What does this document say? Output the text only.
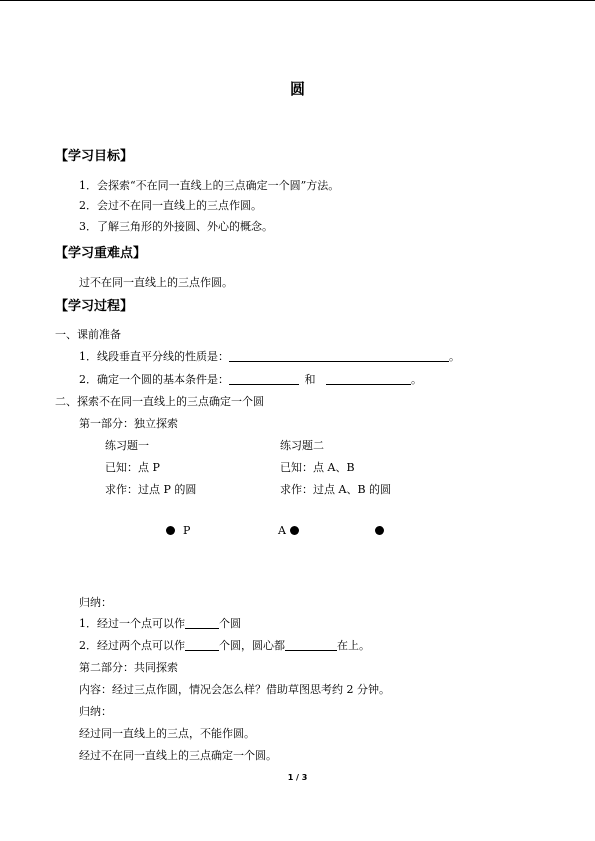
圆
【学习目标】
1．会探索“不在同一直线上的三点确定一个圆”方法。
2．会过不在同一直线上的三点作圆。
3．了解三角形的外接圆、外心的概念。
【学习重难点】
过不在同一直线上的三点作圆。
【学习过程】
一、课前准备
1．线段垂直平分线的性质是：	。
2．确定一个圆的基本条件是：	和	。
二、探索不在同一直线上的三点确定一个圆
第一部分：独立探索
练习题一
已知：点 P
求作：过点 P 的圆
练习题二
已知：点 A、B
求作：过点 A、B 的圆
P	A
归纳：
1．经过一个点可以作	个圆
2．经过两个点可以作	个圆，圆心都	在上。
第二部分：共同探索
内容：经过三点作圆，情况会怎么样？借助草图思考约 2 分钟。
归纳：
经过同一直线上的三点，不能作圆。
经过不在同一直线上的三点确定一个圆。
1 / 3
